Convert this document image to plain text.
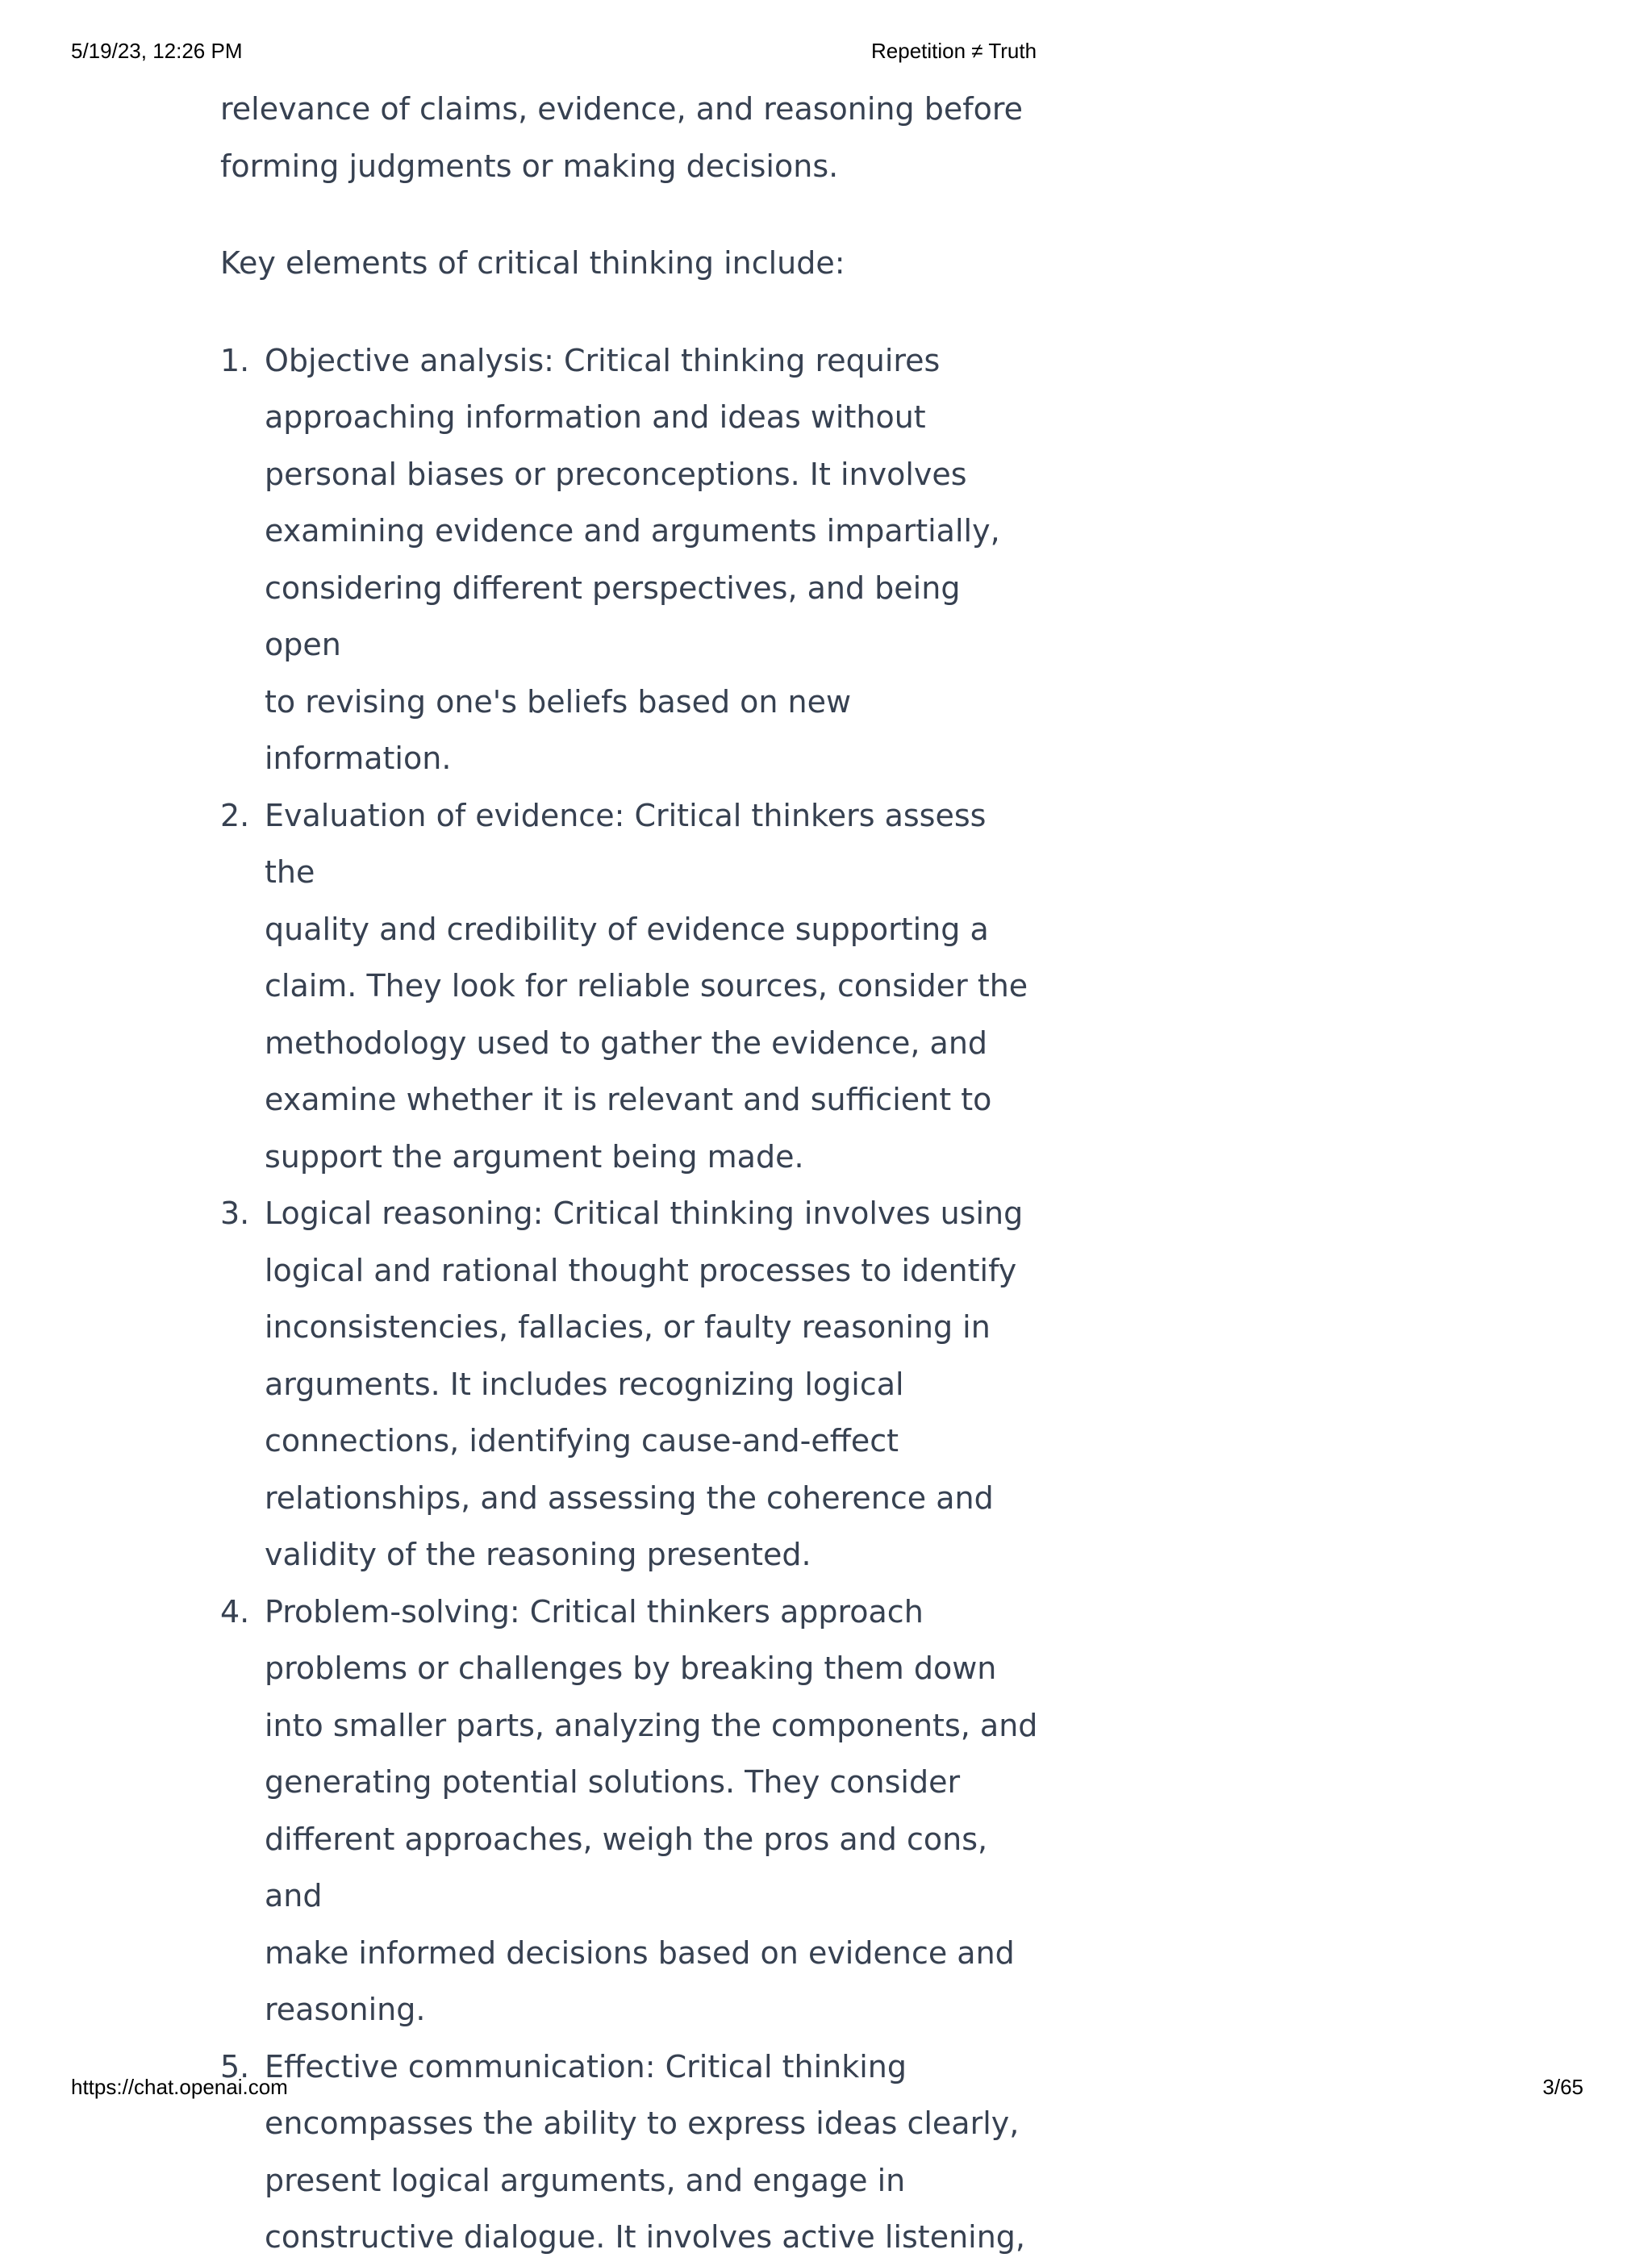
5/19/23, 12:26 PM	Repetition ≠ Truth

relevance of claims, evidence, and reasoning before
forming judgments or making decisions.

Key elements of critical thinking include:

1. Objective analysis: Critical thinking requires
approaching information and ideas without
personal biases or preconceptions. It involves
examining evidence and arguments impartially,
considering different perspectives, and being open
to revising one's beliefs based on new information.
2. Evaluation of evidence: Critical thinkers assess the
quality and credibility of evidence supporting a
claim. They look for reliable sources, consider the
methodology used to gather the evidence, and
examine whether it is relevant and sufficient to
support the argument being made.
3. Logical reasoning: Critical thinking involves using
logical and rational thought processes to identify
inconsistencies, fallacies, or faulty reasoning in
arguments. It includes recognizing logical
connections, identifying cause-and-effect
relationships, and assessing the coherence and
validity of the reasoning presented.
4. Problem-solving: Critical thinkers approach
problems or challenges by breaking them down
into smaller parts, analyzing the components, and
generating potential solutions. They consider
different approaches, weigh the pros and cons, and
make informed decisions based on evidence and
reasoning.
5. Effective communication: Critical thinking
encompasses the ability to express ideas clearly,
present logical arguments, and engage in
constructive dialogue. It involves active listening,
https://chat.openai.com	3/65
